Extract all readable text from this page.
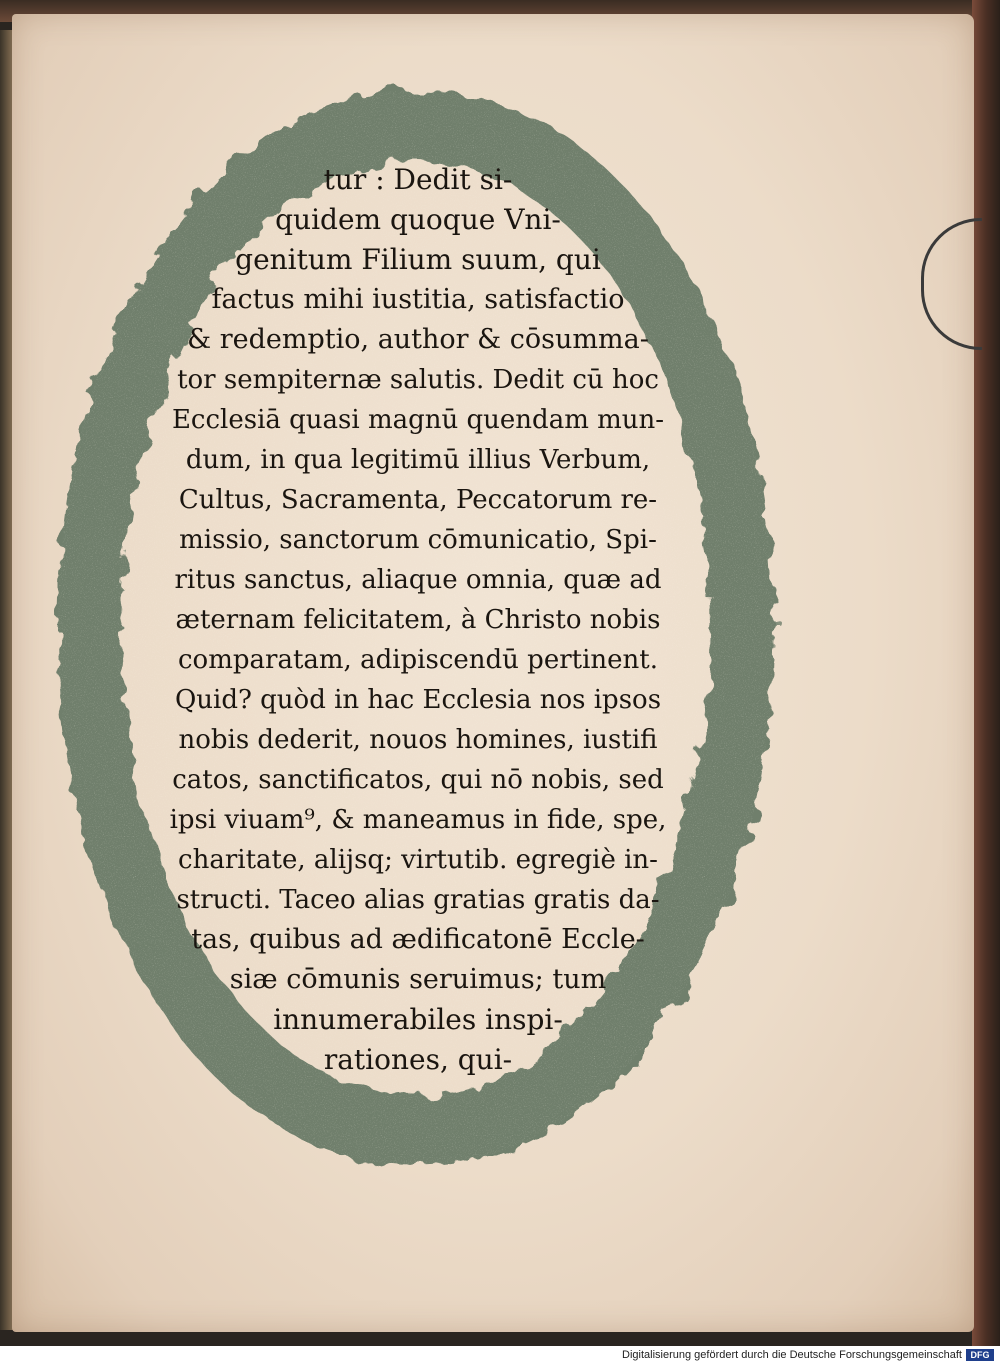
tur : Dedit si-
quidem quoque Vni-
genitum Filium suum, qui
factus mihi iustitia, satisfactio
& redemptio, author & cōsumma-
tor sempiternæ salutis. Dedit cū hoc
Ecclesiā quasi magnū quendam mun-
dum, in qua legitimū illius Verbum,
Cultus, Sacramenta, Peccatorum re-
missio, sanctorum cōmunicatio, Spi-
ritus sanctus, aliaque omnia, quæ ad
æternam felicitatem, à Christo nobis
comparatam, adipiscendū pertinent.
Quid? quòd in hac Ecclesia nos ipsos
nobis dederit, nouos homines, iustifi
catos, sanctificatos, qui nō nobis, sed
ipsi viuam⁹, & maneamus in fide, spe,
charitate, alijsq; virtutib. egregiè in-
structi. Taceo alias gratias gratis da-
tas, quibus ad ædificatonē Eccle-
siæ cōmunis seruimus; tum
innumerabiles inspi-
rationes, qui-
Digitalisierung gefördert durch die Deutsche Forschungsgemeinschaft DFG
